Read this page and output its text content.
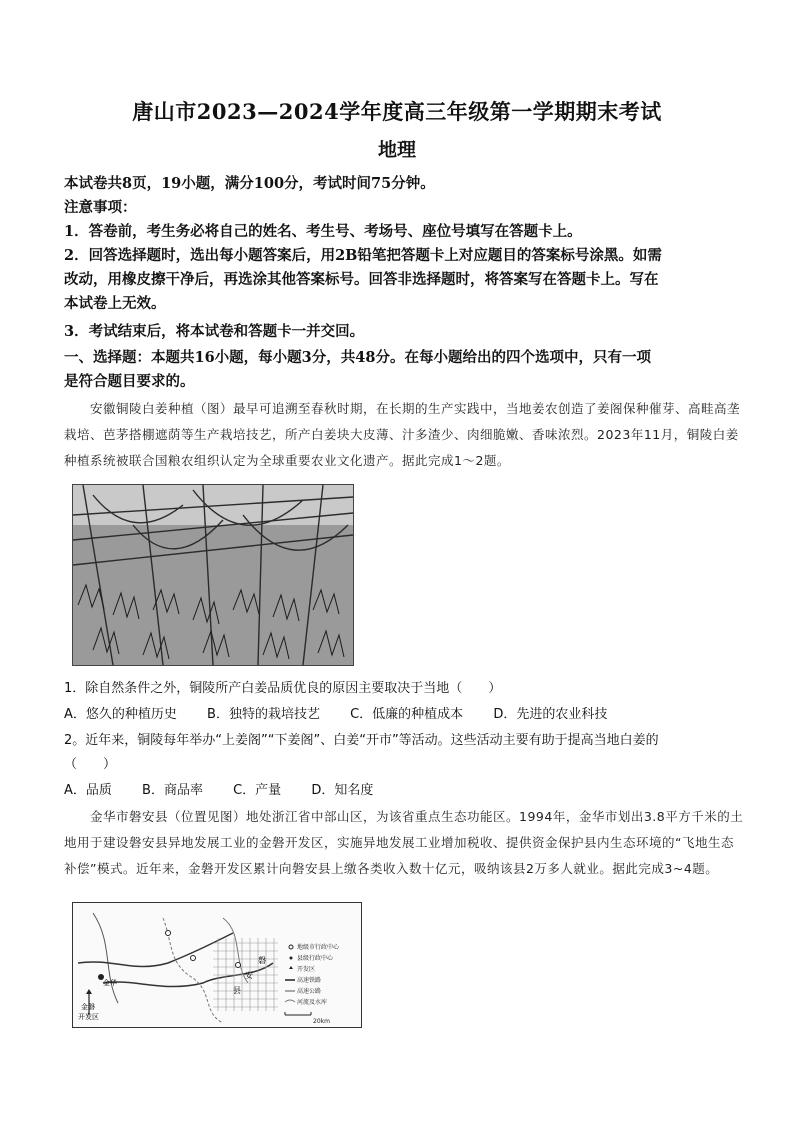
唐山市2023—2024学年度高三年级第一学期期末考试
地理
本试卷共8页，19小题，满分100分，考试时间75分钟。
注意事项：
1．答卷前，考生务必将自己的姓名、考生号、考场号、座位号填写在答题卡上。
2．回答选择题时，选出每小题答案后，用2B铅笔把答题卡上对应题目的答案标号涂黑。如需
改动，用橡皮擦干净后，再选涂其他答案标号。回答非选择题时，将答案写在答题卡上。写在
本试卷上无效。
3．考试结束后，将本试卷和答题卡一并交回。
一、选择题：本题共16小题，每小题3分，共48分。在每小题给出的四个选项中，只有一项
是符合题目要求的。
安徽铜陵白姜种植（图）最早可追溯至春秋时期，在长期的生产实践中，当地姜农创造了姜阁保种催芽、高畦高垄栽培、芭茅搭棚遮荫等生产栽培技艺，所产白姜块大皮薄、汁多渣少、肉细脆嫩、香味浓烈。2023年11月，铜陵白姜种植系统被联合国粮农组织认定为全球重要农业文化遗产。据此完成1～2题。
1．除自然条件之外，铜陵所产白姜品质优良的原因主要取决于当地（　　）
A．悠久的种植历史 B．独特的栽培技艺 C．低廉的种植成本 D．先进的农业科技
2。近年来，铜陵每年举办“上姜阁”“下姜阁”、白姜“开市”等活动。这些活动主要有助于提高当地白姜的
（　　）
A．品质 B．商品率 C．产量 D．知名度
金华市磐安县（位置见图）地处浙江省中部山区，为该省重点生态功能区。1994年，金华市划出3.8平方千米的土地用于建设磐安县异地发展工业的金磐开发区，实施异地发展工业增加税收、提供资金保护县内生态环境的“飞地生态补偿”模式。近年来，金磐开发区累计向磐安县上缴各类收入数十亿元，吸纳该县2万多人就业。据此完成3~4题。
金华
金磐
开发区
磐
安
县
地级市行政中心
县级行政中心
开发区
高速铁路
高速公路
河流及水库
20km
